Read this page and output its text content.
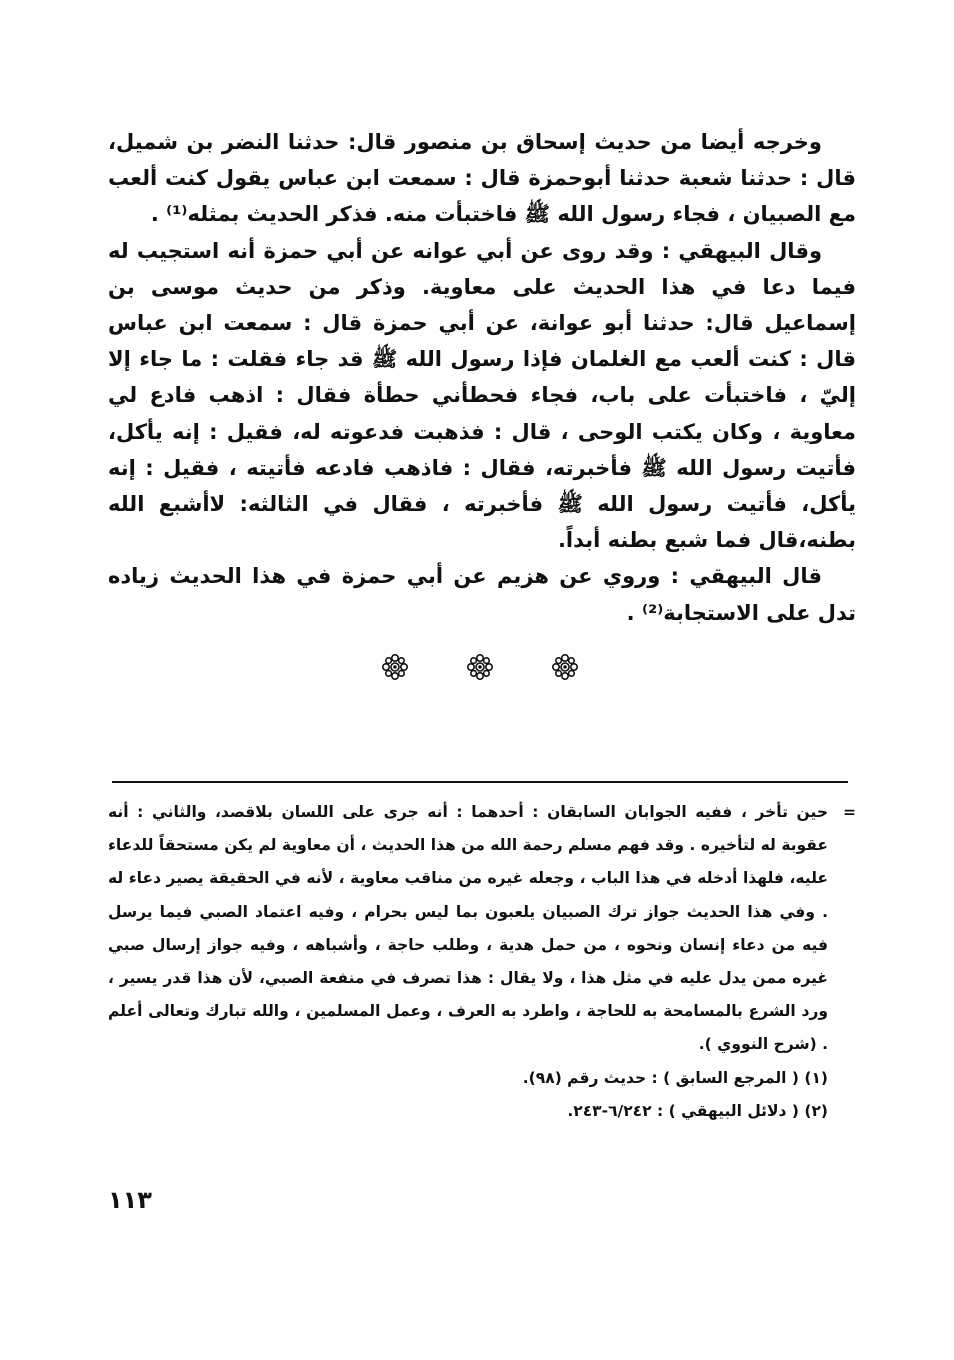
وخرجه أيضا من حديث إسحاق بن منصور قال: حدثنا النضر بن شميل، قال : حدثنا شعبة حدثنا أبوحمزة قال : سمعت ابن عباس يقول كنت ألعب مع الصبيان ، فجاء رسول الله ﷺ فاختبأت منه. فذكر الحديث بمثله⁽¹⁾ .

وقال البيهقي : وقد روى عن أبي عوانه عن أبي حمزة أنه استجيب له فيما دعا في هذا الحديث على معاوية. وذكر من حديث موسى بن إسماعيل قال: حدثنا أبو عوانة، عن أبي حمزة قال : سمعت ابن عباس قال : كنت ألعب مع الغلمان فإذا رسول الله ﷺ قد جاء فقلت : ما جاء إلا إليّ ، فاختبأت على باب، فجاء فحطأني حطأة فقال : اذهب فادع لي معاوية ، وكان يكتب الوحى ، قال : فذهبت فدعوته له، فقيل : إنه يأكل، فأتيت رسول الله ﷺ فأخبرته، فقال : فاذهب فادعه فأتيته ، فقيل : إنه يأكل، فأتيت رسول الله ﷺ فأخبرته ، فقال في الثالثه: لاأشبع الله بطنه،قال فما شبع بطنه أبداً.

قال البيهقي : وروي عن هزيم عن أبي حمزة في هذا الحديث زياده تدل على الاستجابة⁽²⁾ .

=
حين تأخر ، ففيه الجوابان السابقان : أحدهما : أنه جرى على اللسان بلاقصد، والثاني : أنه عقوبة له لتأخيره . وقد فهم مسلم رحمة الله من هذا الحديث ، أن معاوية لم يكن مستحقاً للدعاء عليه، فلهذا أدخله في هذا الباب ، وجعله غيره من مناقب معاوية ، لأنه في الحقيقة يصير دعاء له . وفي هذا الحديث جواز ترك الصبيان يلعبون بما ليس بحرام ، وفيه اعتماد الصبي فيما يرسل فيه من دعاء إنسان ونحوه ، من حمل هدية ، وطلب حاجة ، وأشباهه ، وفيه جواز إرسال صبي غيره ممن يدل عليه في مثل هذا ، ولا يقال : هذا تصرف في منفعة الصبي، لأن هذا قدر يسير ، ورد الشرع بالمسامحة به للحاجة ، واطرد به العرف ، وعمل المسلمين ، والله تبارك وتعالى أعلم . (شرح النووي ).
(١) ( المرجع السابق ) : حديث رقم (٩٨).
(٢) ( دلائل البيهقي ) : ٦/٢٤٢-٢٤٣.
١١٣
